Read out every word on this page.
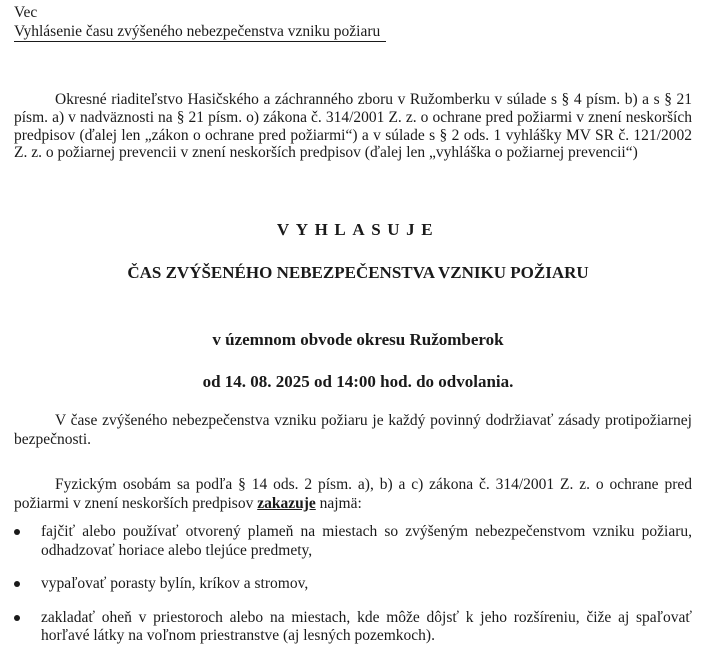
Vec
Vyhlásenie času zvýšeného nebezpečenstva vzniku požiaru
Okresné riaditeľstvo Hasičského a záchranného zboru v Ružomberku v súlade s § 4 písm. b) a s § 21 písm. a) v nadväznosti na § 21 písm. o) zákona č. 314/2001 Z. z. o ochrane pred požiarmi v znení neskorších predpisov (ďalej len „zákon o ochrane pred požiarmi“) a v súlade s § 2 ods. 1 vyhlášky MV SR č. 121/2002 Z. z. o požiarnej prevencii v znení neskorších predpisov (ďalej len „vyhláška o požiarnej prevencii“)
VYHLASUJE
ČAS ZVÝŠENÉHO NEBEZPEČENSTVA VZNIKU POŽIARU
v územnom obvode okresu Ružomberok
od 14. 08. 2025 od 14:00 hod. do odvolania.
V čase zvýšeného nebezpečenstva vzniku požiaru je každý povinný dodržiavať zásady protipožiarnej bezpečnosti.
Fyzickým osobám sa podľa § 14 ods. 2 písm. a), b) a c) zákona č. 314/2001 Z. z. o ochrane pred požiarmi v znení neskorších predpisov zakazuje najmä:
fajčiť alebo používať otvorený plameň na miestach so zvýšeným nebezpečenstvom vzniku požiaru, odhadzovať horiace alebo tlejúce predmety,
vypaľovať porasty bylín, kríkov a stromov,
zakladať oheň v priestoroch alebo na miestach, kde môže dôjsť k jeho rozšíreniu, čiže aj spaľovať horľavé látky na voľnom priestranstve (aj lesných pozemkoch).
